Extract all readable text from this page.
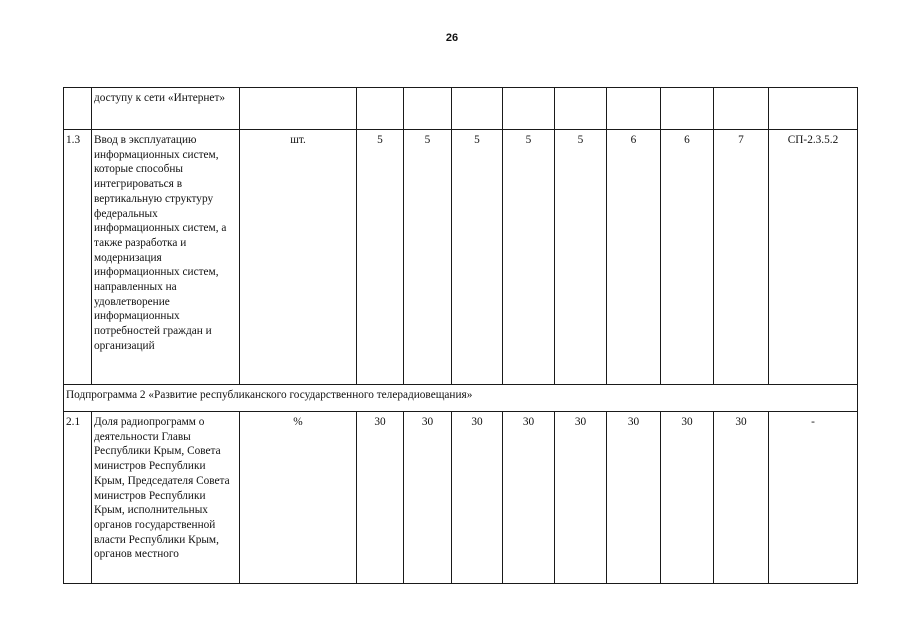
26
	доступу к сети «Интернет»										
1.3	Ввод в эксплуатацию информационных систем, которые способны интегрироваться в вертикальную структуру федеральных информационных систем, а также разработка и модернизация информационных систем, направленных на удовлетворение информационных потребностей граждан и организаций	шт.	5	5	5	5	5	6	6	7	СП-2.3.5.2
Подпрограмма 2 «Развитие республиканского государственного телерадиовещания»											
2.1	Доля радиопрограмм о деятельности Главы Республики Крым, Совета министров Республики Крым, Председателя Совета министров Республики Крым, исполнительных органов государственной власти Республики Крым, органов местного	%	30	30	30	30	30	30	30	30	-
